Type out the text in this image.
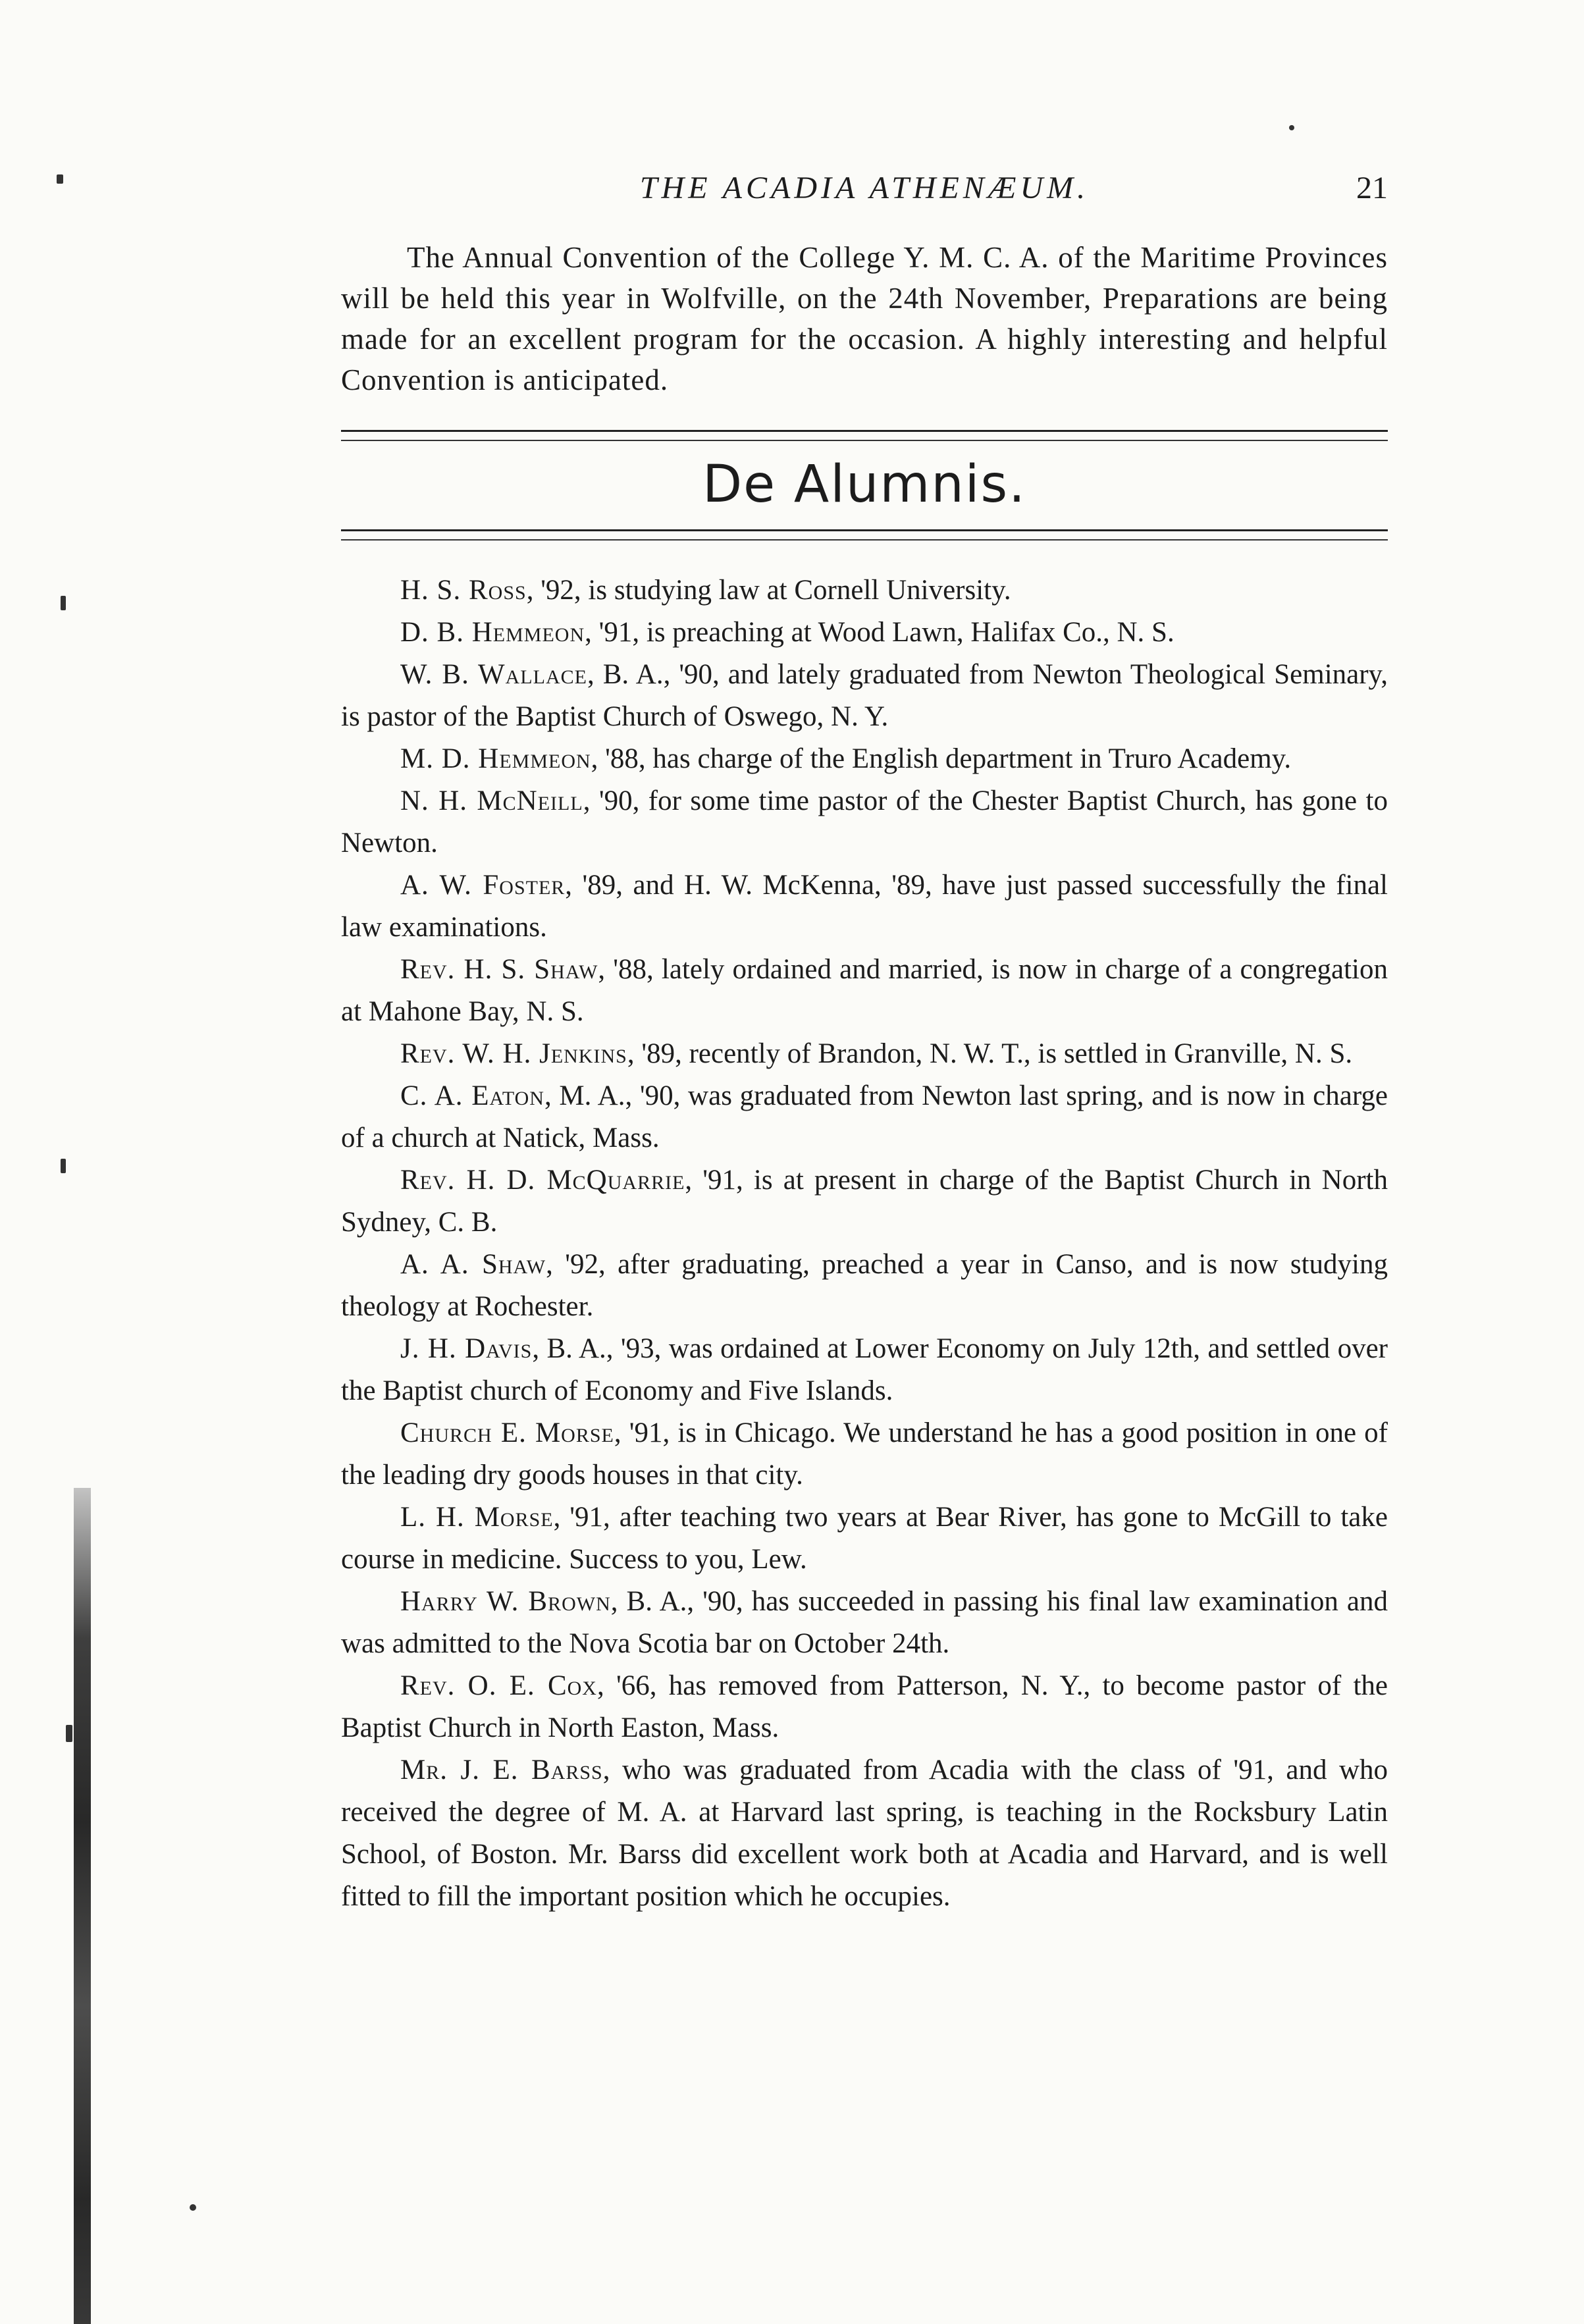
THE ACADIA ATHENÆUM.	21

The Annual Convention of the College Y. M. C. A. of the Maritime Provinces will be held this year in Wolfville, on the 24th November, Preparations are being made for an excellent program for the occasion. A highly interesting and helpful Convention is anticipated.

De Alumnis.

H. S. Ross, '92, is studying law at Cornell University.

D. B. Hemmeon, '91, is preaching at Wood Lawn, Halifax Co., N. S.

W. B. Wallace, B. A., '90, and lately graduated from Newton Theological Seminary, is pastor of the Baptist Church of Oswego, N. Y.

M. D. Hemmeon, '88, has charge of the English department in Truro Academy.

N. H. McNeill, '90, for some time pastor of the Chester Baptist Church, has gone to Newton.

A. W. Foster, '89, and H. W. McKenna, '89, have just passed successfully the final law examinations.

Rev. H. S. Shaw, '88, lately ordained and married, is now in charge of a congregation at Mahone Bay, N. S.

Rev. W. H. Jenkins, '89, recently of Brandon, N. W. T., is settled in Granville, N. S.

C. A. Eaton, M. A., '90, was graduated from Newton last spring, and is now in charge of a church at Natick, Mass.

Rev. H. D. McQuarrie, '91, is at present in charge of the Baptist Church in North Sydney, C. B.

A. A. Shaw, '92, after graduating, preached a year in Canso, and is now studying theology at Rochester.

J. H. Davis, B. A., '93, was ordained at Lower Economy on July 12th, and settled over the Baptist church of Economy and Five Islands.

Church E. Morse, '91, is in Chicago. We understand he has a good position in one of the leading dry goods houses in that city.

L. H. Morse, '91, after teaching two years at Bear River, has gone to McGill to take course in medicine. Success to you, Lew.

Harry W. Brown, B. A., '90, has succeeded in passing his final law examination and was admitted to the Nova Scotia bar on October 24th.

Rev. O. E. Cox, '66, has removed from Patterson, N. Y., to become pastor of the Baptist Church in North Easton, Mass.

Mr. J. E. Barss, who was graduated from Acadia with the class of '91, and who received the degree of M. A. at Harvard last spring, is teaching in the Rocksbury Latin School, of Boston. Mr. Barss did excellent work both at Acadia and Harvard, and is well fitted to fill the important position which he occupies.
